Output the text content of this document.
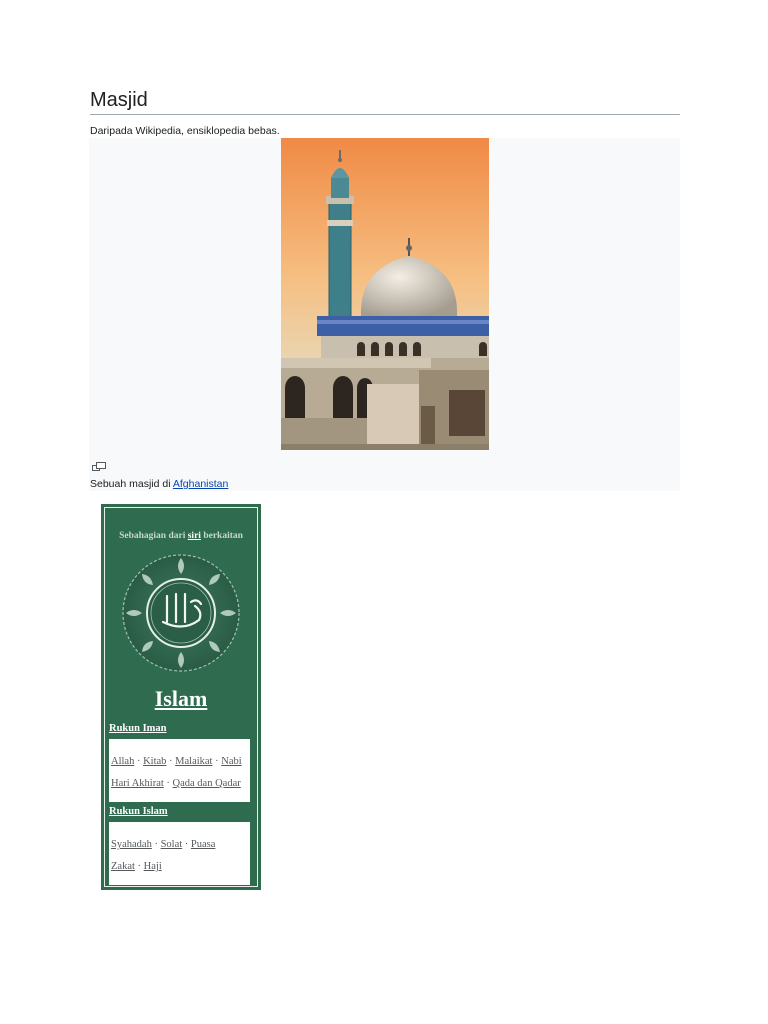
Masjid
Daripada Wikipedia, ensiklopedia bebas.
Sebuah masjid di Afghanistan
Sebahagian dari siri berkaitan
Islam
Rukun Iman
Allah · Kitab · Malaikat · Nabi
Hari Akhirat · Qada dan Qadar
Rukun Islam
Syahadah · Solat · Puasa
Zakat · Haji
